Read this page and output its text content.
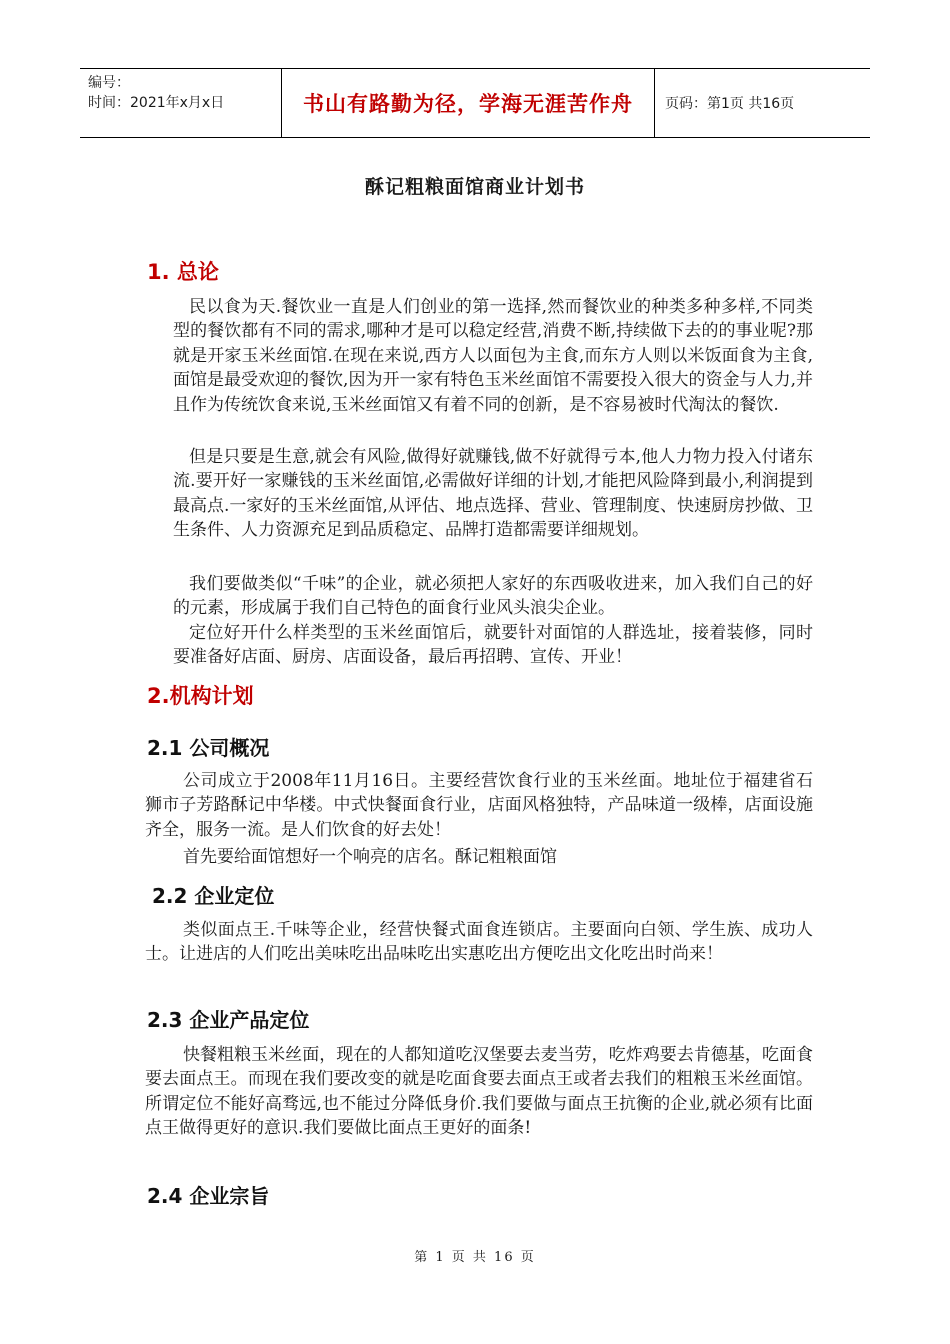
编号：
时间：2021年x月x日	书山有路勤为径，学海无涯苦作舟	页码：第1页 共16页
酥记粗粮面馆商业计划书
1. 总论

民以食为天.餐饮业一直是人们创业的第一选择,然而餐饮业的种类多种多样,不同类型的餐饮都有不同的需求,哪种才是可以稳定经营,消费不断,持续做下去的的事业呢?那就是开家玉米丝面馆.在现在来说,西方人以面包为主食,而东方人则以米饭面食为主食,面馆是最受欢迎的餐饮,因为开一家有特色玉米丝面馆不需要投入很大的资金与人力,并且作为传统饮食来说,玉米丝面馆又有着不同的创新，是不容易被时代淘汰的餐饮.

但是只要是生意,就会有风险,做得好就赚钱,做不好就得亏本,他人力物力投入付诸东流.要开好一家赚钱的玉米丝面馆,必需做好详细的计划,才能把风险降到最小,利润提到最高点.一家好的玉米丝面馆,从评估、地点选择、营业、管理制度、快速厨房抄做、卫生条件、人力资源充足到品质稳定、品牌打造都需要详细规划。

我们要做类似“千味”的企业，就必须把人家好的东西吸收进来，加入我们自己的好的元素，形成属于我们自己特色的面食行业风头浪尖企业。

定位好开什么样类型的玉米丝面馆后，就要针对面馆的人群选址，接着装修，同时要准备好店面、厨房、店面设备，最后再招聘、宣传、开业！

2.机构计划
2.1 公司概况

公司成立于2008年11月16日。主要经营饮食行业的玉米丝面。地址位于福建省石狮市子芳路酥记中华楼。中式快餐面食行业，店面风格独特，产品味道一级棒，店面设施齐全，服务一流。是人们饮食的好去处！

首先要给面馆想好一个响亮的店名。酥记粗粮面馆

2.2 企业定位

类似面点王.千味等企业，经营快餐式面食连锁店。主要面向白领、学生族、成功人士。让进店的人们吃出美味吃出品味吃出实惠吃出方便吃出文化吃出时尚来！

2.3 企业产品定位

快餐粗粮玉米丝面，现在的人都知道吃汉堡要去麦当劳，吃炸鸡要去肯德基，吃面食要去面点王。而现在我们要改变的就是吃面食要去面点王或者去我们的粗粮玉米丝面馆。所谓定位不能好高骛远,也不能过分降低身价.我们要做与面点王抗衡的企业,就必须有比面点王做得更好的意识.我们要做比面点王更好的面条!

2.4 企业宗旨
第 1 页 共 16 页
